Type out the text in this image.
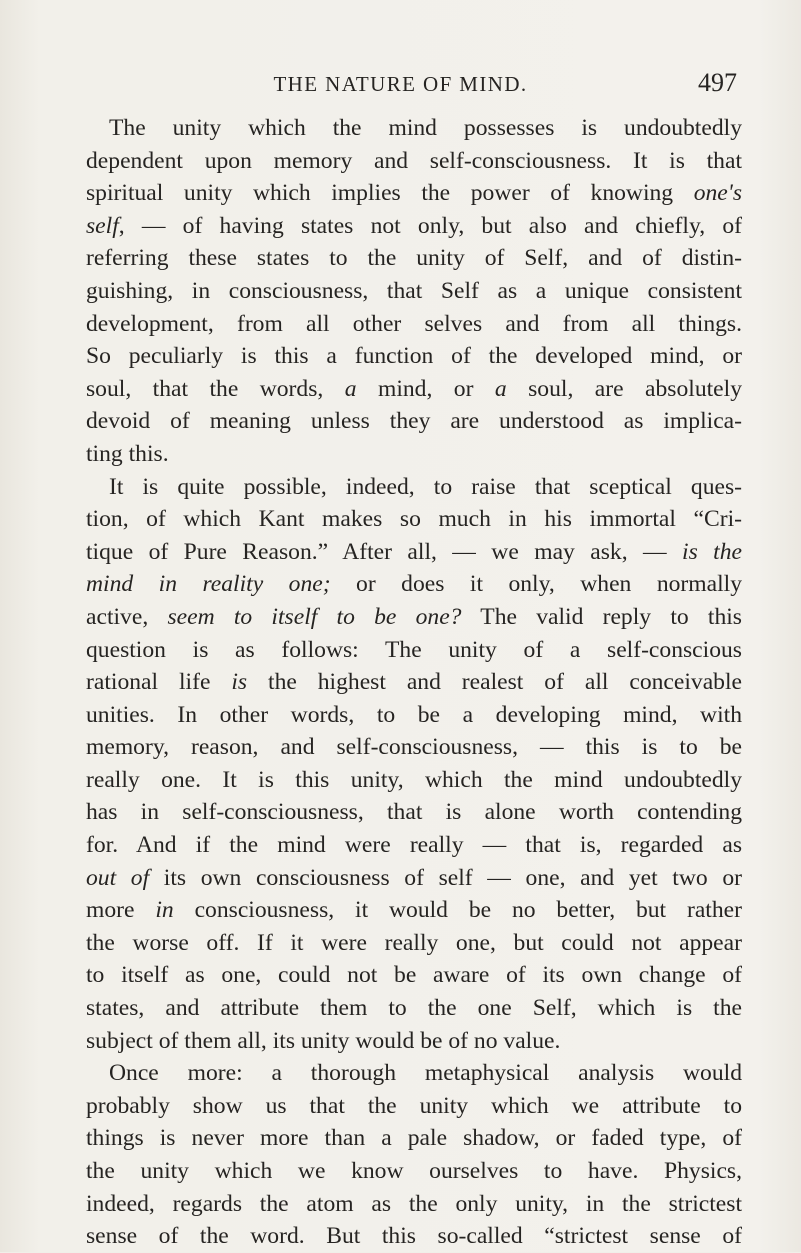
THE NATURE OF MIND.	497
The unity which the mind possesses is undoubtedly
dependent upon memory and self-consciousness. It is that
spiritual unity which implies the power of knowing one's
self, — of having states not only, but also and chiefly, of
referring these states to the unity of Self, and of distin-
guishing, in consciousness, that Self as a unique consistent
development, from all other selves and from all things.
So peculiarly is this a function of the developed mind, or
soul, that the words, a mind, or a soul, are absolutely
devoid of meaning unless they are understood as implica-
ting this.
It is quite possible, indeed, to raise that sceptical ques-
tion, of which Kant makes so much in his immortal “Cri-
tique of Pure Reason.” After all, — we may ask, — is the
mind in reality one; or does it only, when normally
active, seem to itself to be one? The valid reply to this
question is as follows: The unity of a self-conscious
rational life is the highest and realest of all conceivable
unities. In other words, to be a developing mind, with
memory, reason, and self-consciousness, — this is to be
really one. It is this unity, which the mind undoubtedly
has in self-consciousness, that is alone worth contending
for. And if the mind were really — that is, regarded as
out of its own consciousness of self — one, and yet two or
more in consciousness, it would be no better, but rather
the worse off. If it were really one, but could not appear
to itself as one, could not be aware of its own change of
states, and attribute them to the one Self, which is the
subject of them all, its unity would be of no value.
Once more: a thorough metaphysical analysis would
probably show us that the unity which we attribute to
things is never more than a pale shadow, or faded type, of
the unity which we know ourselves to have. Physics,
indeed, regards the atom as the only unity, in the strictest
sense of the word. But this so-called “strictest sense of
